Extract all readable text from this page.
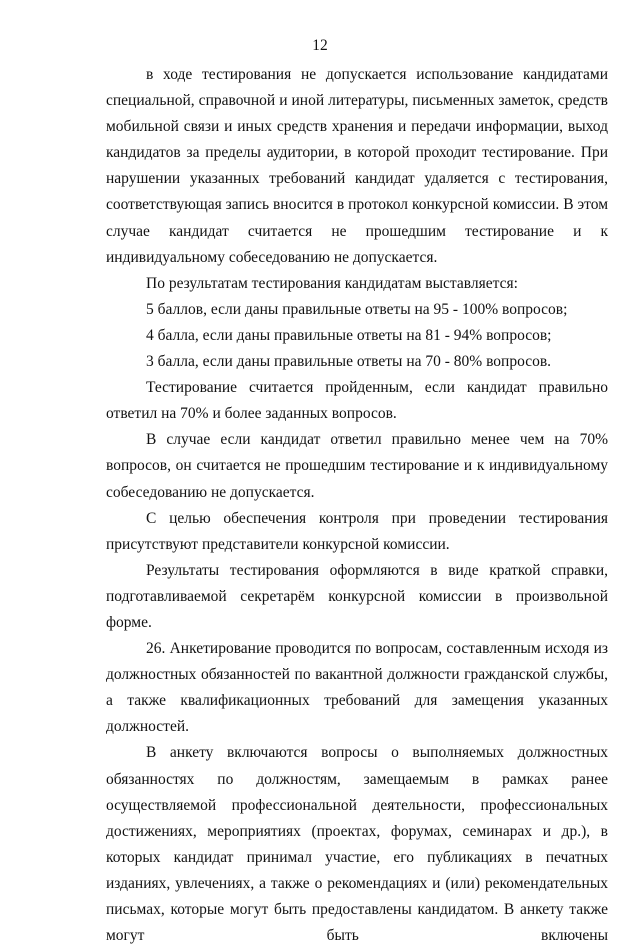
12

в ходе тестирования не допускается использование кандидатами специальной, справочной и иной литературы, письменных заметок, средств мобильной связи и иных средств хранения и передачи информации, выход кандидатов за пределы аудитории, в которой проходит тестирование. При нарушении указанных требований кандидат удаляется с тестирования, соответствующая запись вносится в протокол конкурсной комиссии. В этом случае кандидат считается не прошедшим тестирование и к индивидуальному собеседованию не допускается.

По результатам тестирования кандидатам выставляется:

5 баллов, если даны правильные ответы на 95 - 100% вопросов;

4 балла, если даны правильные ответы на 81 - 94% вопросов;

3 балла, если даны правильные ответы на 70 - 80% вопросов.

Тестирование считается пройденным, если кандидат правильно ответил на 70% и более заданных вопросов.

В случае если кандидат ответил правильно менее чем на 70% вопросов, он считается не прошедшим тестирование и к индивидуальному собеседованию не допускается.

С целью обеспечения контроля при проведении тестирования присутствуют представители конкурсной комиссии.

Результаты тестирования оформляются в виде краткой справки, подготавливаемой секретарём конкурсной комиссии в произвольной форме.

26. Анкетирование проводится по вопросам, составленным исходя из должностных обязанностей по вакантной должности гражданской службы, а также квалификационных требований для замещения указанных должностей.

В анкету включаются вопросы о выполняемых должностных обязанностях по должностям, замещаемым в рамках ранее осуществляемой профессиональной деятельности, профессиональных достижениях, мероприятиях (проектах, форумах, семинарах и др.), в которых кандидат принимал участие, его публикациях в печатных изданиях, увлечениях, а также о рекомендациях и (или) рекомендательных письмах, которые могут быть предоставлены кандидатом. В анкету также могут быть включены
